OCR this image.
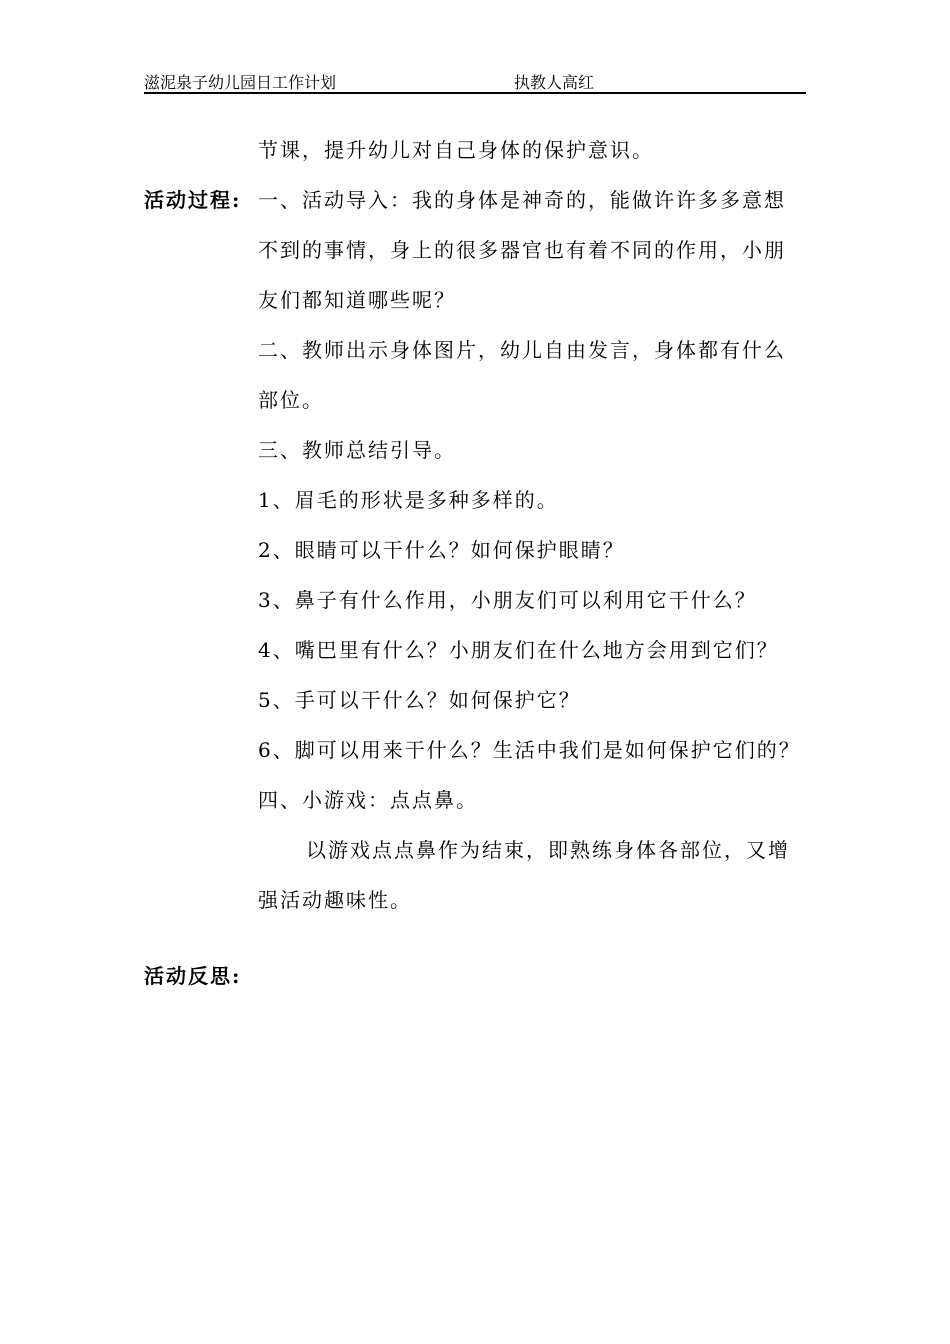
滋泥泉子幼儿园日工作计划	执教人高红
节课，提升幼儿对自己身体的保护意识。
活动过程: 一、活动导入：我的身体是神奇的，能做许许多多意想
不到的事情，身上的很多器官也有着不同的作用，小朋
友们都知道哪些呢？
二、教师出示身体图片，幼儿自由发言，身体都有什么
部位。
三、教师总结引导。
1、眉毛的形状是多种多样的。
2、眼睛可以干什么？如何保护眼睛？
3、鼻子有什么作用，小朋友们可以利用它干什么？
4、嘴巴里有什么？小朋友们在什么地方会用到它们？
5、手可以干什么？如何保护它？
6、脚可以用来干什么？生活中我们是如何保护它们的？
四、小游戏：点点鼻。
以游戏点点鼻作为结束，即熟练身体各部位，又增
强活动趣味性。
活动反思:
